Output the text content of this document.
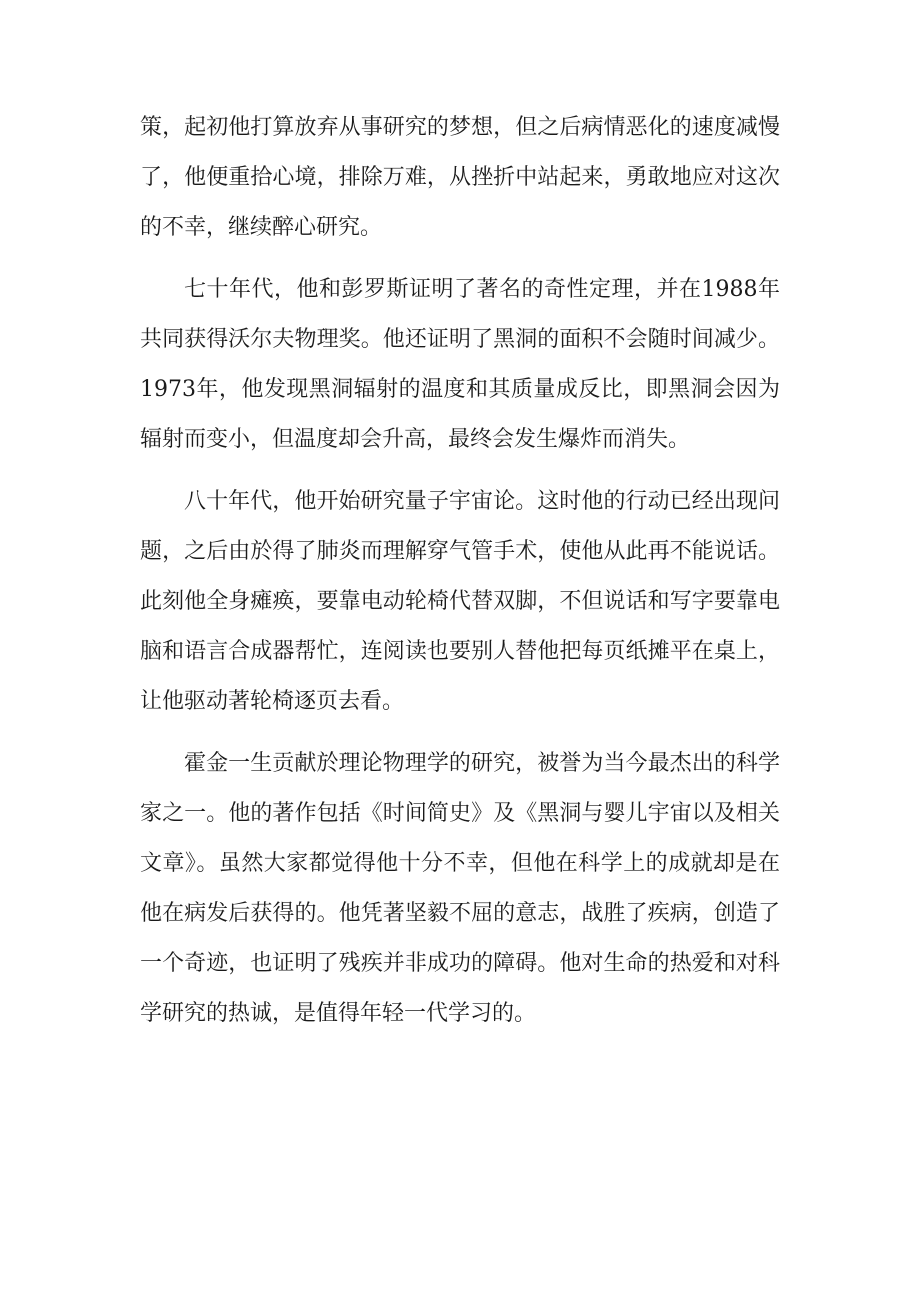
策，起初他打算放弃从事研究的梦想，但之后病情恶化的速度减慢了，他便重拾心境，排除万难，从挫折中站起来，勇敢地应对这次的不幸，继续醉心研究。

七十年代，他和彭罗斯证明了著名的奇性定理，并在1988年共同获得沃尔夫物理奖。他还证明了黑洞的面积不会随时间减少。1973年，他发现黑洞辐射的温度和其质量成反比，即黑洞会因为辐射而变小，但温度却会升高，最终会发生爆炸而消失。

八十年代，他开始研究量子宇宙论。这时他的行动已经出现问题，之后由於得了肺炎而理解穿气管手术，使他从此再不能说话。此刻他全身瘫痪，要靠电动轮椅代替双脚，不但说话和写字要靠电脑和语言合成器帮忙，连阅读也要别人替他把每页纸摊平在桌上，让他驱动著轮椅逐页去看。

霍金一生贡献於理论物理学的研究，被誉为当今最杰出的科学家之一。他的著作包括《时间简史》及《黑洞与婴儿宇宙以及相关文章》。虽然大家都觉得他十分不幸，但他在科学上的成就却是在他在病发后获得的。他凭著坚毅不屈的意志，战胜了疾病，创造了一个奇迹，也证明了残疾并非成功的障碍。他对生命的热爱和对科学研究的热诚，是值得年轻一代学习的。
